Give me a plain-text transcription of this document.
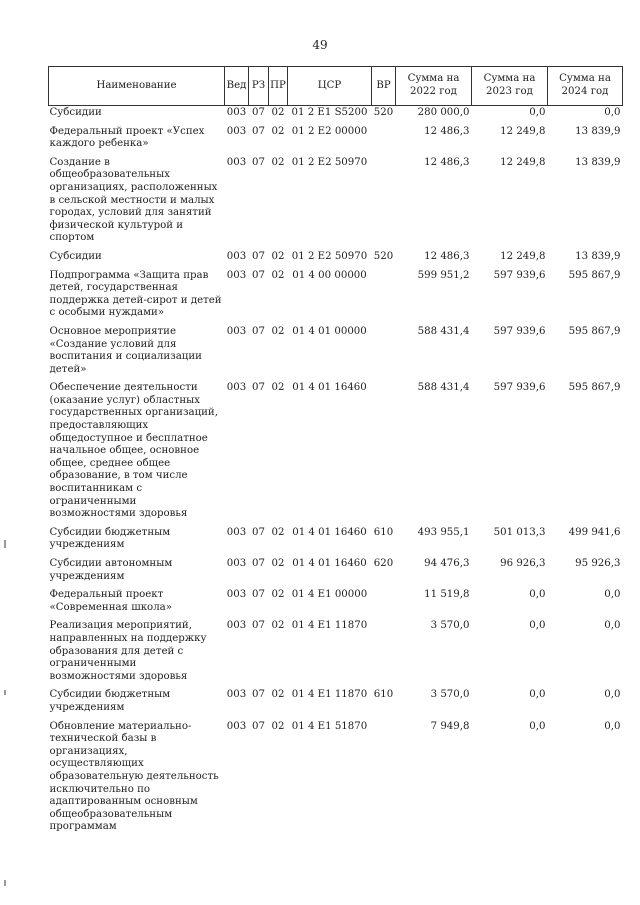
49
Наименование	Вед	РЗ	ПР	ЦСР	ВР	Сумма на 2022 год	Сумма на 2023 год	Сумма на 2024 год
Субсидии	003	07	02	01 2 E1 S5200	520	280 000,0	0,0	0,0
Федеральный проект «Успех каждого ребенка»	003	07	02	01 2 E2 00000		12 486,3	12 249,8	13 839,9
Создание в общеобразовательных организациях, расположенных в сельской местности и малых городах, условий для занятий физической культурой и спортом	003	07	02	01 2 E2 50970		12 486,3	12 249,8	13 839,9
Субсидии	003	07	02	01 2 E2 50970	520	12 486,3	12 249,8	13 839,9
Подпрограмма «Защита прав детей, государственная поддержка детей-сирот и детей с особыми нуждами»	003	07	02	01 4 00 00000		599 951,2	597 939,6	595 867,9
Основное мероприятие «Создание условий для воспитания и социализации детей»	003	07	02	01 4 01 00000		588 431,4	597 939,6	595 867,9
Обеспечение деятельности (оказание услуг) областных государственных организаций, предоставляющих общедоступное и бесплатное начальное общее, основное общее, среднее общее образование, в том числе воспитанникам с ограниченными возможностями здоровья	003	07	02	01 4 01 16460		588 431,4	597 939,6	595 867,9
Субсидии бюджетным учреждениям	003	07	02	01 4 01 16460	610	493 955,1	501 013,3	499 941,6
Субсидии автономным учреждениям	003	07	02	01 4 01 16460	620	94 476,3	96 926,3	95 926,3
Федеральный проект «Современная школа»	003	07	02	01 4 E1 00000		11 519,8	0,0	0,0
Реализация мероприятий, направленных на поддержку образования для детей с ограниченными возможностями здоровья	003	07	02	01 4 E1 11870		3 570,0	0,0	0,0
Субсидии бюджетным учреждениям	003	07	02	01 4 E1 11870	610	3 570,0	0,0	0,0
Обновление материально-технической базы в организациях, осуществляющих образовательную деятельность исключительно по адаптированным основным общеобразовательным программам	003	07	02	01 4 E1 51870		7 949,8	0,0	0,0
